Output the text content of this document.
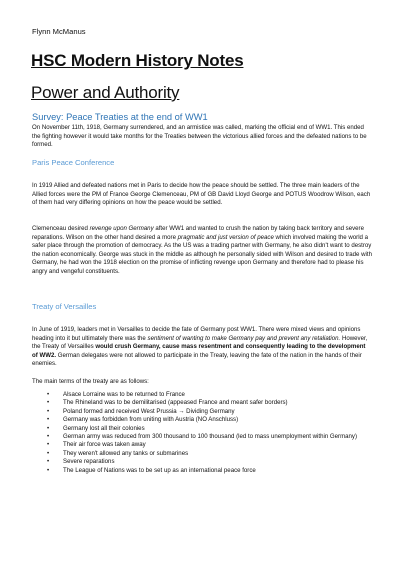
Flynn McManus
HSC Modern History Notes
Power and Authority
Survey: Peace Treaties at the end of WW1
On November 11th, 1918, Germany surrendered, and an armistice was called, marking the official end of WW1. This ended the fighting however it would take months for the Treaties between the victorious allied forces and the defeated nations to be formed.
Paris Peace Conference
In 1919 Allied and defeated nations met in Paris to decide how the peace should be settled. The three main leaders of the Allied forces were the PM of France George Clemenceau, PM of GB David Lloyd George and POTUS Woodrow Wilson, each of them had very differing opinions on how the peace would be settled.
Clemenceau desired revenge upon Germany after WW1 and wanted to crush the nation by taking back territory and severe reparations. Wilson on the other hand desired a more pragmatic and just version of peace which involved making the world a safer place through the promotion of democracy. As the US was a trading partner with Germany, he also didn't want to destroy the nation economically. George was stuck in the middle as although he personally sided with Wilson and desired to trade with Germany, he had won the 1918 election on the promise of inflicting revenge upon Germany and therefore had to please his angry and vengeful constituents.
Treaty of Versailles
In June of 1919, leaders met in Versailles to decide the fate of Germany post WW1. There were mixed views and opinions heading into it but ultimately there was the sentiment of wanting to make Germany pay and prevent any retaliation. However, the Treaty of Versailles would crush Germany, cause mass resentment and consequently leading to the development of WW2. German delegates were not allowed to participate in the Treaty, leaving the fate of the nation in the hands of their enemies.
The main terms of the treaty are as follows:
• Alsace Lorraine was to be returned to France
• The Rhineland was to be demilitarised (appeased France and meant safer borders)
• Poland formed and received West Prussia → Dividing Germany
• Germany was forbidden from uniting with Austria (NO Anschluss)
• Germany lost all their colonies
• German army was reduced from 300 thousand to 100 thousand (led to mass unemployment within Germany)
• Their air force was taken away
• They weren't allowed any tanks or submarines
• Severe reparations
• The League of Nations was to be set up as an international peace force
